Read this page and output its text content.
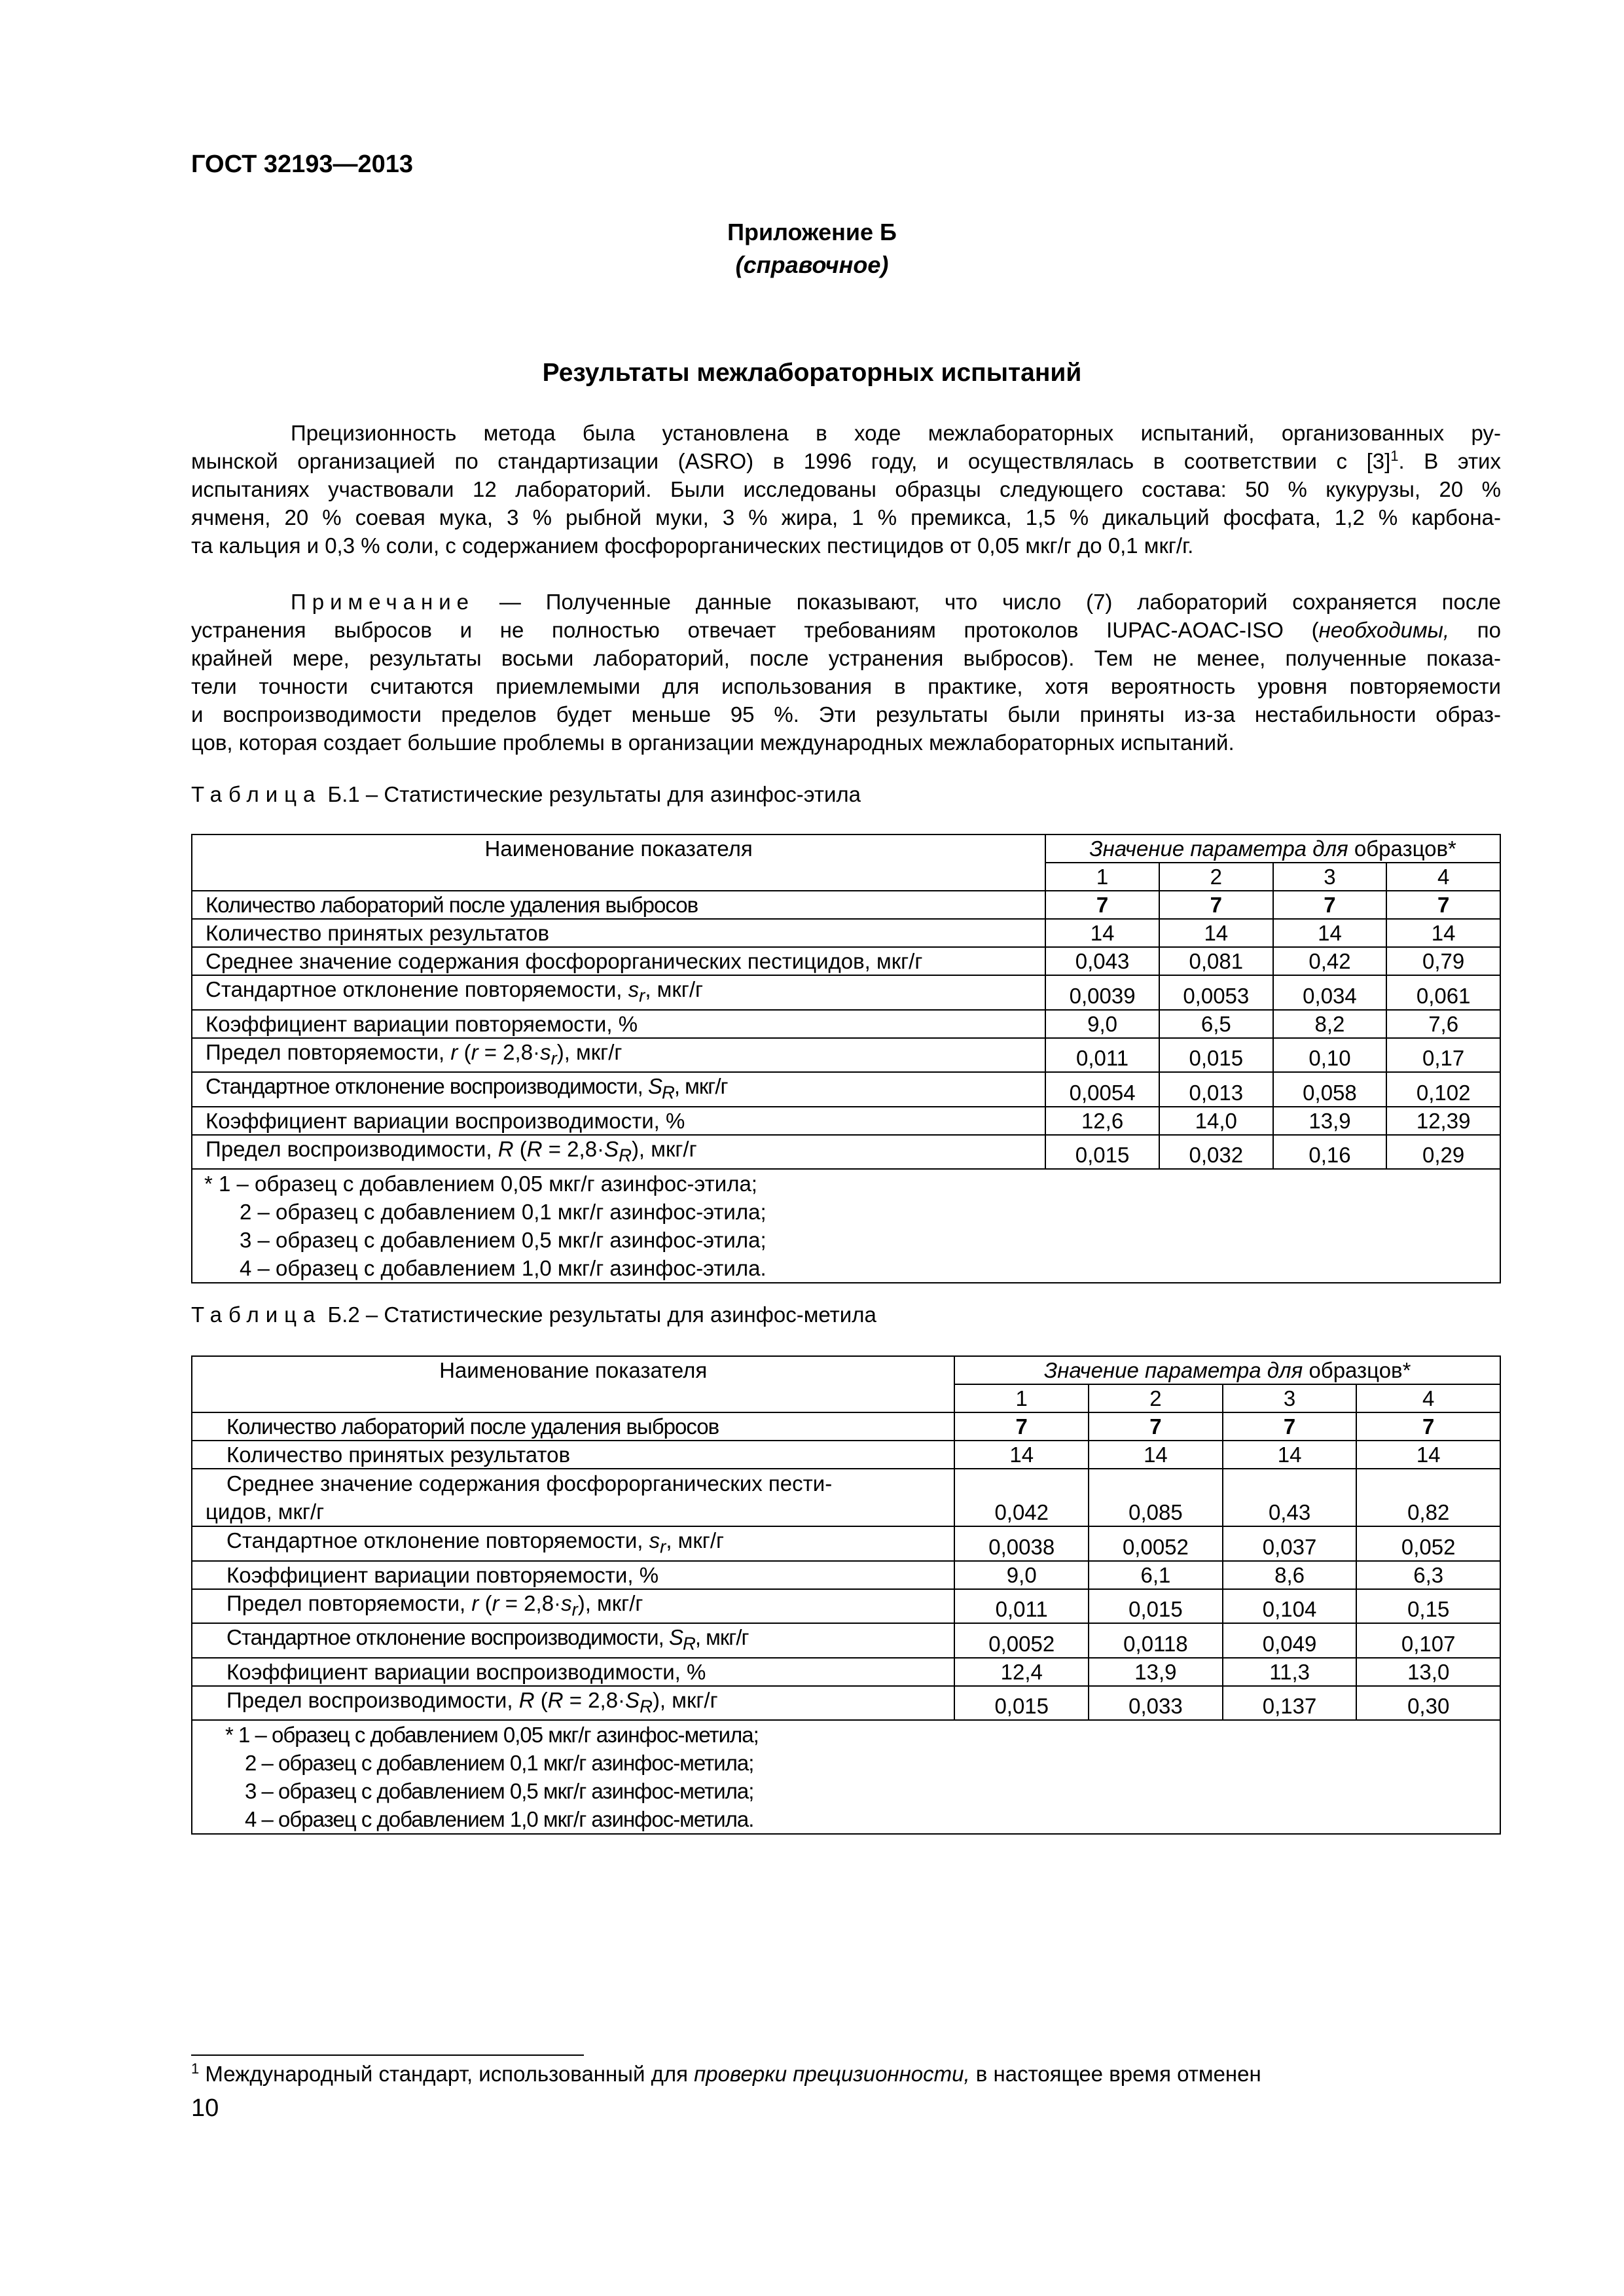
ГОСТ 32193—2013
Приложение Б
(справочное)
Результаты межлабораторных испытаний
Прецизионность метода была установлена в ходе межлабораторных испытаний, организованных ру-
мынской организацией по стандартизации (ASRO) в 1996 году, и осуществлялась в соответствии с $[3]^1$. В этих
испытаниях участвовали 12 лабораторий. Были исследованы образцы следующего состава: 50 % кукурузы, 20 %
ячменя, 20 % соевая мука, 3 % рыбной муки, 3 % жира, 1 % премикса, 1,5 % дикальций фосфата, 1,2 % карбона-
та кальция и 0,3 % соли, с содержанием фосфорорганических пестицидов от 0,05 мкг/г до 0,1 мкг/г.
Примечание — Полученные данные показывают, что число (7) лабораторий сохраняется после
устранения выбросов и не полностью отвечает требованиям протоколов IUPAC-AOAC-ISO (необходимы, по
крайней мере, результаты восьми лабораторий, после устранения выбросов). Тем не менее, полученные показа-
тели точности считаются приемлемыми для использования в практике, хотя вероятность уровня повторяемости
и воспроизводимости пределов будет меньше 95 %. Эти результаты были приняты из-за нестабильности образ-
цов, которая создает большие проблемы в организации международных межлабораторных испытаний.
Таблица Б.1 – Статистические результаты для азинфос-этила
Наименование показателя	Значение параметра для образцов*			
	1	2	3	4
Количество лабораторий после удаления выбросов	7	7	7	7
Количество принятых результатов	14	14	14	14
Среднее значение содержания фосфорорганических пестицидов, мкг/г	0,043	0,081	0,42	0,79
Стандартное отклонение повторяемости, $s_r$, мкг/г	0,0039	0,0053	0,034	0,061
Коэффициент вариации повторяемости, %	9,0	6,5	8,2	7,6
Предел повторяемости, r $(r = 2,8\cdot s_r)$, мкг/г	0,011	0,015	0,10	0,17
Стандартное отклонение воспроизводимости, $S_R$, мкг/г	0,0054	0,013	0,058	0,102
Коэффициент вариации воспроизводимости, %	12,6	14,0	13,9	12,39
Предел воспроизводимости, R $(R = 2,8\cdot S_R)$, мкг/г	0,015	0,032	0,16	0,29

* 1 – образец с добавлением 0,05 мкг/г азинфос-этила;
2 – образец с добавлением 0,1 мкг/г азинфос-этила;
3 – образец с добавлением 0,5 мкг/г азинфос-этила;
4 – образец с добавлением 1,0 мкг/г азинфос-этила.				
Таблица Б.2 – Статистические результаты для азинфос-метила
Наименование показателя	Значение параметра для образцов*			
	1	2	3	4
Количество лабораторий после удаления выбросов	7	7	7	7
Количество принятых результатов	14	14	14	14

Среднее значение содержания фосфорорганических пести-
цидов, мкг/г	0,042	0,085	0,43	0,82
Стандартное отклонение повторяемости, $s_r$, мкг/г	0,0038	0,0052	0,037	0,052
Коэффициент вариации повторяемости, %	9,0	6,1	8,6	6,3
Предел повторяемости, r $(r = 2,8\cdot s_r)$, мкг/г	0,011	0,015	0,104	0,15
Стандартное отклонение воспроизводимости, $S_R$, мкг/г	0,0052	0,0118	0,049	0,107
Коэффициент вариации воспроизводимости, %	12,4	13,9	11,3	13,0
Предел воспроизводимости, R $(R = 2,8\cdot S_R)$, мкг/г	0,015	0,033	0,137	0,30

* 1 – образец с добавлением 0,05 мкг/г азинфос-метила;
2 – образец с добавлением 0,1 мкг/г азинфос-метила;
3 – образец с добавлением 0,5 мкг/г азинфос-метила;
4 – образец с добавлением 1,0 мкг/г азинфос-метила.				
$^1$ Международный стандарт, использованный для проверки прецизионности, в настоящее время отменен
10
